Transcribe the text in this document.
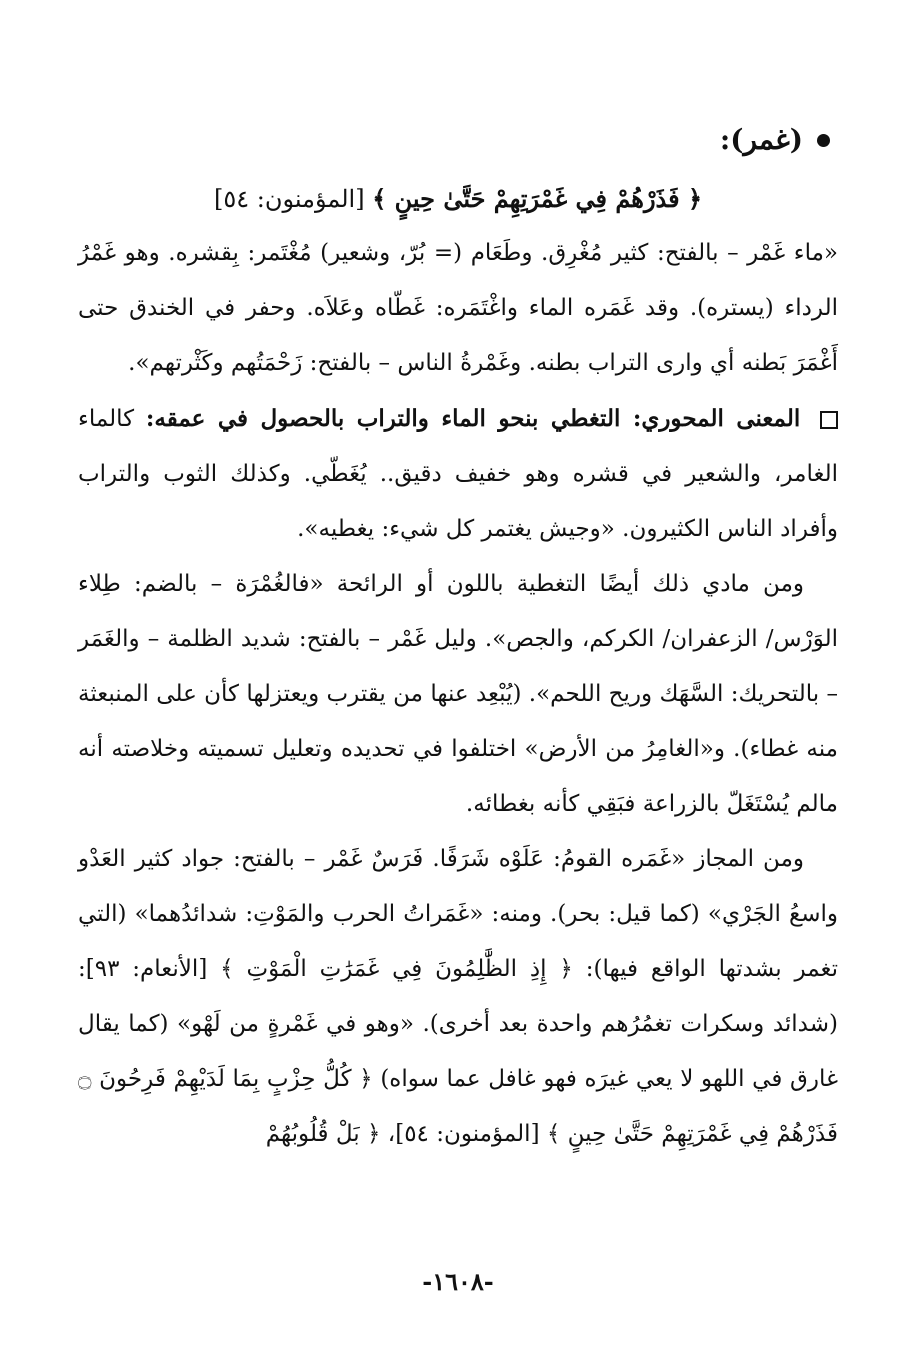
(غمر):
﴿ فَذَرْهُمْ فِي غَمْرَتِهِمْ حَتَّىٰ حِينٍ ﴾ [المؤمنون: ٥٤]

«ماء غَمْر – بالفتح: كثير مُغْرِق. وطَعَام (= بُرّ، وشعير) مُغْتَمر: بِقشره. وهو غَمْرُ الرداء (يستره). وقد غَمَره الماء واغْتَمَره: غَطّاه وعَلاَه. وحفر في الخندق حتى أَغْمَرَ بَطنه أي وارى التراب بطنه. وغَمْرةُ الناس – بالفتح: زَحْمَتُهم وكَثْرتهم».

المعنى المحوري: التغطي بنحو الماء والتراب بالحصول في عمقه: كالماء الغامر، والشعير في قشره وهو خفيف دقيق.. يُغَطّي. وكذلك الثوب والتراب وأفراد الناس الكثيرون. «وجيش يغتمر كل شيء: يغطيه».

ومن مادي ذلك أيضًا التغطية باللون أو الرائحة «فالغُمْرَة – بالضم: طِلاء الوَرْس/ الزعفران/ الكركم، والجص». وليل غَمْر – بالفتح: شديد الظلمة – والغَمَر – بالتحريك: السَّهَك وريح اللحم». (يُبْعِد عنها من يقترب ويعتزلها كأن على المنبعثة منه غطاء). و«الغامِرُ من الأرض» اختلفوا في تحديده وتعليل تسميته وخلاصته أنه مالم يُسْتَغَلّ بالزراعة فبَقِي كأنه بغطائه.

ومن المجاز «غَمَره القومُ: عَلَوْه شَرَفًا. فَرَسٌ غَمْر – بالفتح: جواد كثير العَدْو واسعُ الجَرْي» (كما قيل: بحر). ومنه: «غَمَراتُ الحرب والمَوْتِ: شدائدُهما» (التي تغمر بشدتها الواقع فيها): ﴿ إِذِ الظَّٰلِمُونَ فِي غَمَرَٰتِ الْمَوْتِ ﴾ [الأنعام: ٩٣]: (شدائد وسكرات تغمُرُهم واحدة بعد أخرى). «وهو في غَمْرةٍ من لَهْو» (كما يقال غارق في اللهو لا يعي غيرَه فهو غافل عما سواه) ﴿ كُلُّ حِزْبٍ بِمَا لَدَيْهِمْ فَرِحُونَ ۝ فَذَرْهُمْ فِي غَمْرَتِهِمْ حَتَّىٰ حِينٍ ﴾ [المؤمنون: ٥٤]، ﴿ بَلْ قُلُوبُهُمْ

-١٦٠٨-
